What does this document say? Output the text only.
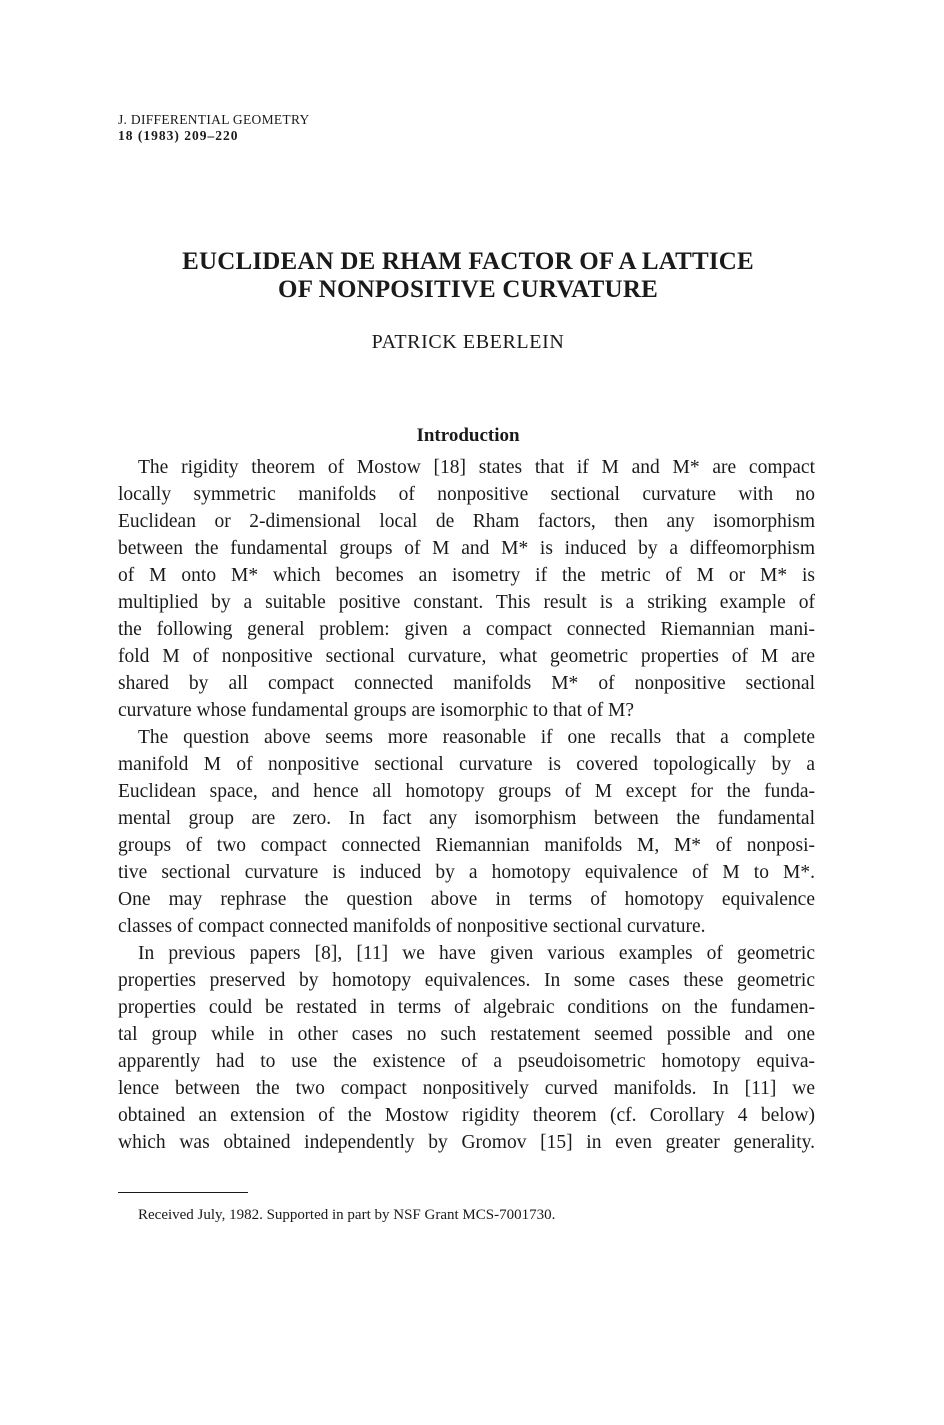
J. DIFFERENTIAL GEOMETRY
18 (1983) 209–220
EUCLIDEAN DE RHAM FACTOR OF A LATTICE
OF NONPOSITIVE CURVATURE
PATRICK EBERLEIN
Introduction
The rigidity theorem of Mostow [18] states that if M and M* are compact
locally symmetric manifolds of nonpositive sectional curvature with no
Euclidean or 2-dimensional local de Rham factors, then any isomorphism
between the fundamental groups of M and M* is induced by a diffeomorphism
of M onto M* which becomes an isometry if the metric of M or M* is
multiplied by a suitable positive constant. This result is a striking example of
the following general problem: given a compact connected Riemannian mani-
fold M of nonpositive sectional curvature, what geometric properties of M are
shared by all compact connected manifolds M* of nonpositive sectional
curvature whose fundamental groups are isomorphic to that of M?
The question above seems more reasonable if one recalls that a complete
manifold M of nonpositive sectional curvature is covered topologically by a
Euclidean space, and hence all homotopy groups of M except for the funda-
mental group are zero. In fact any isomorphism between the fundamental
groups of two compact connected Riemannian manifolds M, M* of nonposi-
tive sectional curvature is induced by a homotopy equivalence of M to M*.
One may rephrase the question above in terms of homotopy equivalence
classes of compact connected manifolds of nonpositive sectional curvature.
In previous papers [8], [11] we have given various examples of geometric
properties preserved by homotopy equivalences. In some cases these geometric
properties could be restated in terms of algebraic conditions on the fundamen-
tal group while in other cases no such restatement seemed possible and one
apparently had to use the existence of a pseudoisometric homotopy equiva-
lence between the two compact nonpositively curved manifolds. In [11] we
obtained an extension of the Mostow rigidity theorem (cf. Corollary 4 below)
which was obtained independently by Gromov [15] in even greater generality.
Received July, 1982. Supported in part by NSF Grant MCS-7001730.
